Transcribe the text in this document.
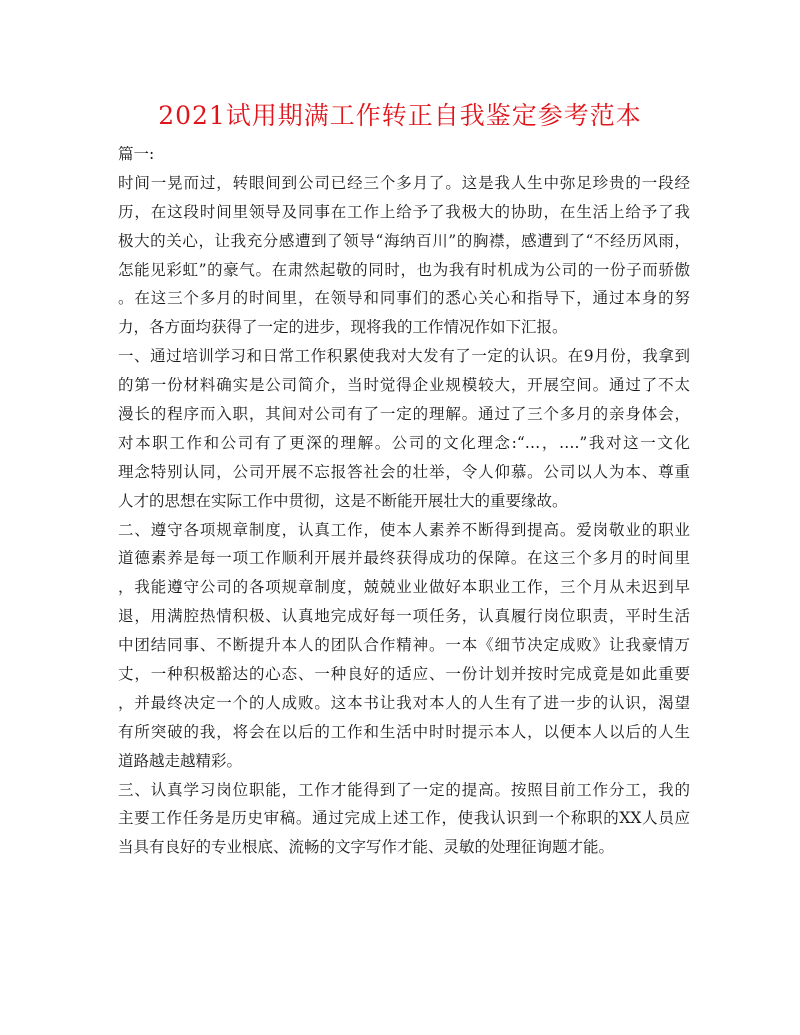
2021试用期满工作转正自我鉴定参考范本
篇一:
时间一晃而过，转眼间到公司已经三个多月了。这是我人生中弥足珍贵的一段经
历，在这段时间里领导及同事在工作上给予了我极大的协助，在生活上给予了我
极大的关心，让我充分感遭到了领导“海纳百川”的胸襟，感遭到了“不经历风雨，
怎能见彩虹”的豪气。在肃然起敬的同时，也为我有时机成为公司的一份子而骄傲
。在这三个多月的时间里，在领导和同事们的悉心关心和指导下，通过本身的努
力，各方面均获得了一定的进步，现将我的工作情况作如下汇报。
一、通过培训学习和日常工作积累使我对大发有了一定的认识。在9月份，我拿到
的第一份材料确实是公司简介，当时觉得企业规模较大，开展空间。通过了不太
漫长的程序而入职，其间对公司有了一定的理解。通过了三个多月的亲身体会，
对本职工作和公司有了更深的理解。公司的文化理念:“…，….”我对这一文化
理念特别认同，公司开展不忘报答社会的壮举，令人仰慕。公司以人为本、尊重
人才的思想在实际工作中贯彻，这是不断能开展壮大的重要缘故。
二、遵守各项规章制度，认真工作，使本人素养不断得到提高。爱岗敬业的职业
道德素养是每一项工作顺利开展并最终获得成功的保障。在这三个多月的时间里
，我能遵守公司的各项规章制度，兢兢业业做好本职业工作，三个月从未迟到早
退，用满腔热情积极、认真地完成好每一项任务，认真履行岗位职责，平时生活
中团结同事、不断提升本人的团队合作精神。一本《细节决定成败》让我豪情万
丈，一种积极豁达的心态、一种良好的适应、一份计划并按时完成竟是如此重要
，并最终决定一个的人成败。这本书让我对本人的人生有了进一步的认识，渴望
有所突破的我，将会在以后的工作和生活中时时提示本人，以便本人以后的人生
道路越走越精彩。
三、认真学习岗位职能，工作才能得到了一定的提高。按照目前工作分工，我的
主要工作任务是历史审稿。通过完成上述工作，使我认识到一个称职的XX人员应
当具有良好的专业根底、流畅的文字写作才能、灵敏的处理征询题才能。
